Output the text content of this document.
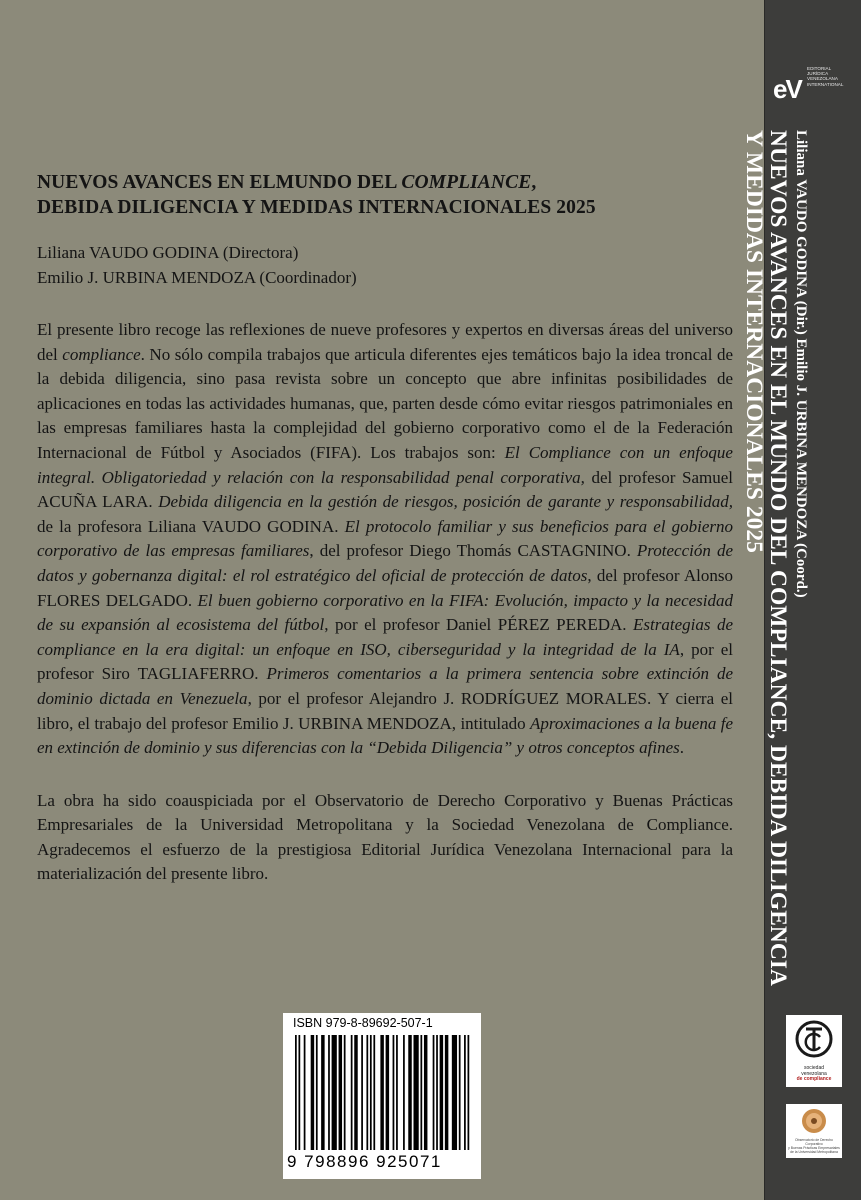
NUEVOS AVANCES EN ELMUNDO DEL COMPLIANCE,
DEBIDA DILIGENCIA Y MEDIDAS INTERNACIONALES 2025
Liliana VAUDO GODINA (Directora)
Emilio J. URBINA MENDOZA (Coordinador)

El presente libro recoge las reflexiones de nueve profesores y expertos en diversas áreas del universo del compliance. No sólo compila trabajos que articula diferentes ejes temáticos bajo la idea troncal de la debida diligencia, sino pasa revista sobre un concepto que abre infinitas posibilidades de aplicaciones en todas las actividades humanas, que, parten desde cómo evitar riesgos patrimoniales en las empresas familiares hasta la complejidad del gobierno corporativo como el de la Federación Internacional de Fútbol y Asociados (FIFA). Los trabajos son: El Compliance con un enfoque integral. Obligatoriedad y relación con la responsabilidad penal corporativa, del profesor Samuel ACUÑA LARA. Debida diligencia en la gestión de riesgos, posición de garante y responsabilidad, de la profesora Liliana VAUDO GODINA. El protocolo familiar y sus beneficios para el gobierno corporativo de las empresas familiares, del profesor Diego Thomás CASTAGNINO. Protección de datos y gobernanza digital: el rol estratégico del oficial de protección de datos, del profesor Alonso FLORES DELGADO. El buen gobierno corporativo en la FIFA: Evolución, impacto y la necesidad de su expansión al ecosistema del fútbol, por el profesor Daniel PÉREZ PEREDA. Estrategias de compliance en la era digital: un enfoque en ISO, ciberseguridad y la integridad de la IA, por el profesor Siro TAGLIAFERRO. Primeros comentarios a la primera sentencia sobre extinción de dominio dictada en Venezuela, por el profesor Alejandro J. RODRÍGUEZ MORALES. Y cierra el libro, el trabajo del profesor Emilio J. URBINA MENDOZA, intitulado Aproximaciones a la buena fe en extinción de dominio y sus diferencias con la “Debida Diligencia” y otros conceptos afines.

La obra ha sido coauspiciada por el Observatorio de Derecho Corporativo y Buenas Prácticas Empresariales de la Universidad Metropolitana y la Sociedad Venezolana de Compliance. Agradecemos el esfuerzo de la prestigiosa Editorial Jurídica Venezolana Internacional para la materialización del presente libro.

ISBN 979-8-89692-507-1
9 798896 925071
eV
EDITORIAL
JURÍDICA
VENEZOLANA
INTERNATIONAL
Liliana VAUDO GODINA (Dir.) Emilio J. URBINA MENDOZA (Coord.)
NUEVOS AVANCES EN EL MUNDO DEL COMPLIANCE, DEBIDA DILIGENCIA
Y MEDIDAS INTERNACIONALES 2025
sociedad
venezolana
de compliance
Observatorio de Derecho Corporativo
y Buenas Prácticas Empresariales
de la Universidad Metropolitana
